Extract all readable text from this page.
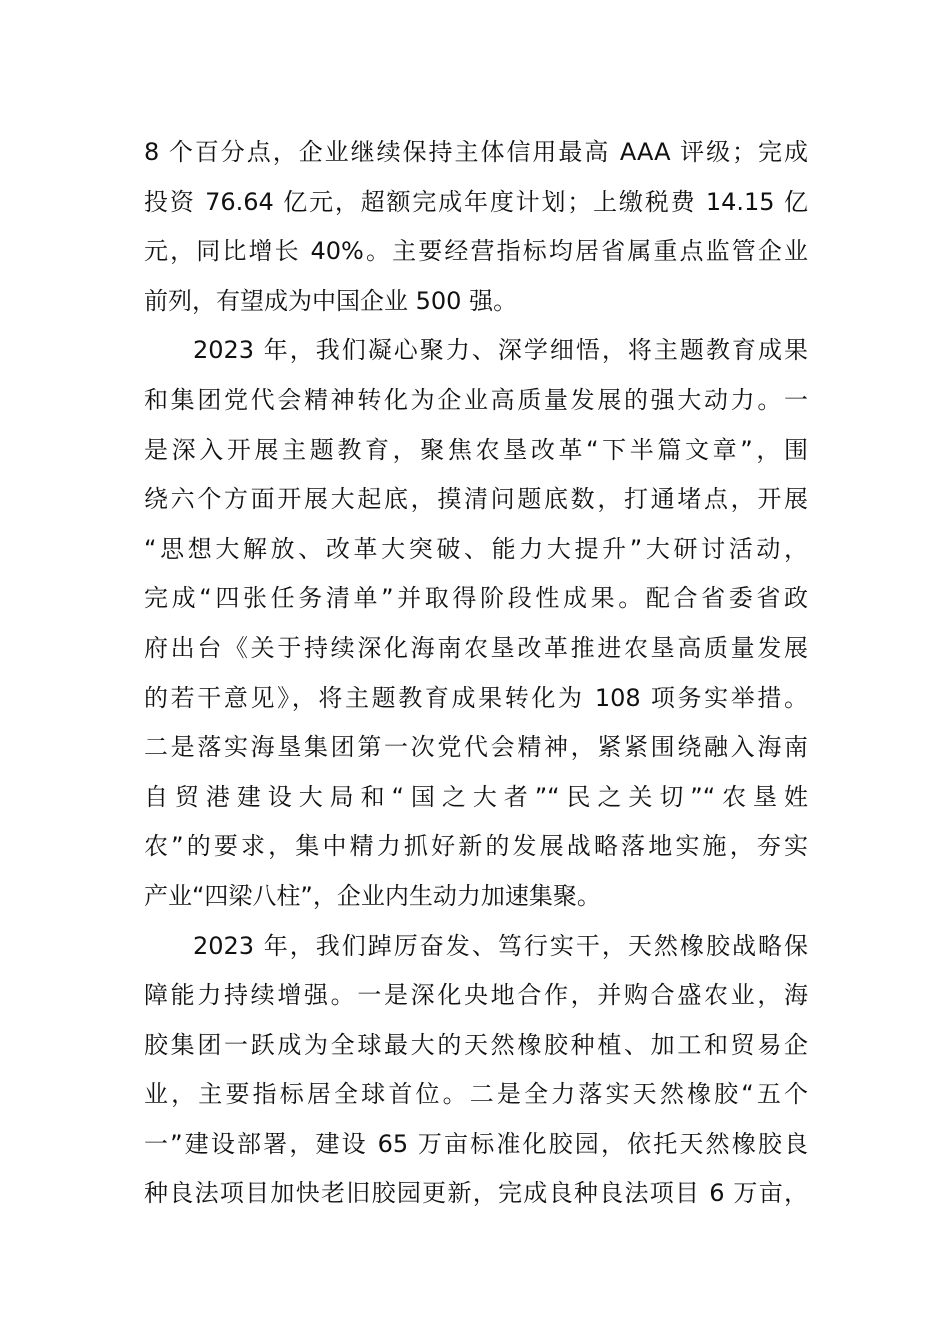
8 个百分点，企业继续保持主体信用最高 AAA 评级；完成
投资 76.64 亿元，超额完成年度计划；上缴税费 14.15 亿
元，同比增长 40%。主要经营指标均居省属重点监管企业
前列，有望成为中国企业 500 强。
2023 年，我们凝心聚力、深学细悟，将主题教育成果
和集团党代会精神转化为企业高质量发展的强大动力。一
是深入开展主题教育，聚焦农垦改革“下半篇文章”，围
绕六个方面开展大起底，摸清问题底数，打通堵点，开展
“思想大解放、改革大突破、能力大提升”大研讨活动，
完成“四张任务清单”并取得阶段性成果。配合省委省政
府出台《关于持续深化海南农垦改革推进农垦高质量发展
的若干意见》，将主题教育成果转化为 108 项务实举措。
二是落实海垦集团第一次党代会精神，紧紧围绕融入海南
自贸港建设大局和“国之大者”“民之关切”“农垦姓
农”的要求，集中精力抓好新的发展战略落地实施，夯实
产业“四梁八柱”，企业内生动力加速集聚。
2023 年，我们踔厉奋发、笃行实干，天然橡胶战略保
障能力持续增强。一是深化央地合作，并购合盛农业，海
胶集团一跃成为全球最大的天然橡胶种植、加工和贸易企
业，主要指标居全球首位。二是全力落实天然橡胶“五个
一”建设部署，建设 65 万亩标准化胶园，依托天然橡胶良
种良法项目加快老旧胶园更新，完成良种良法项目 6 万亩，
